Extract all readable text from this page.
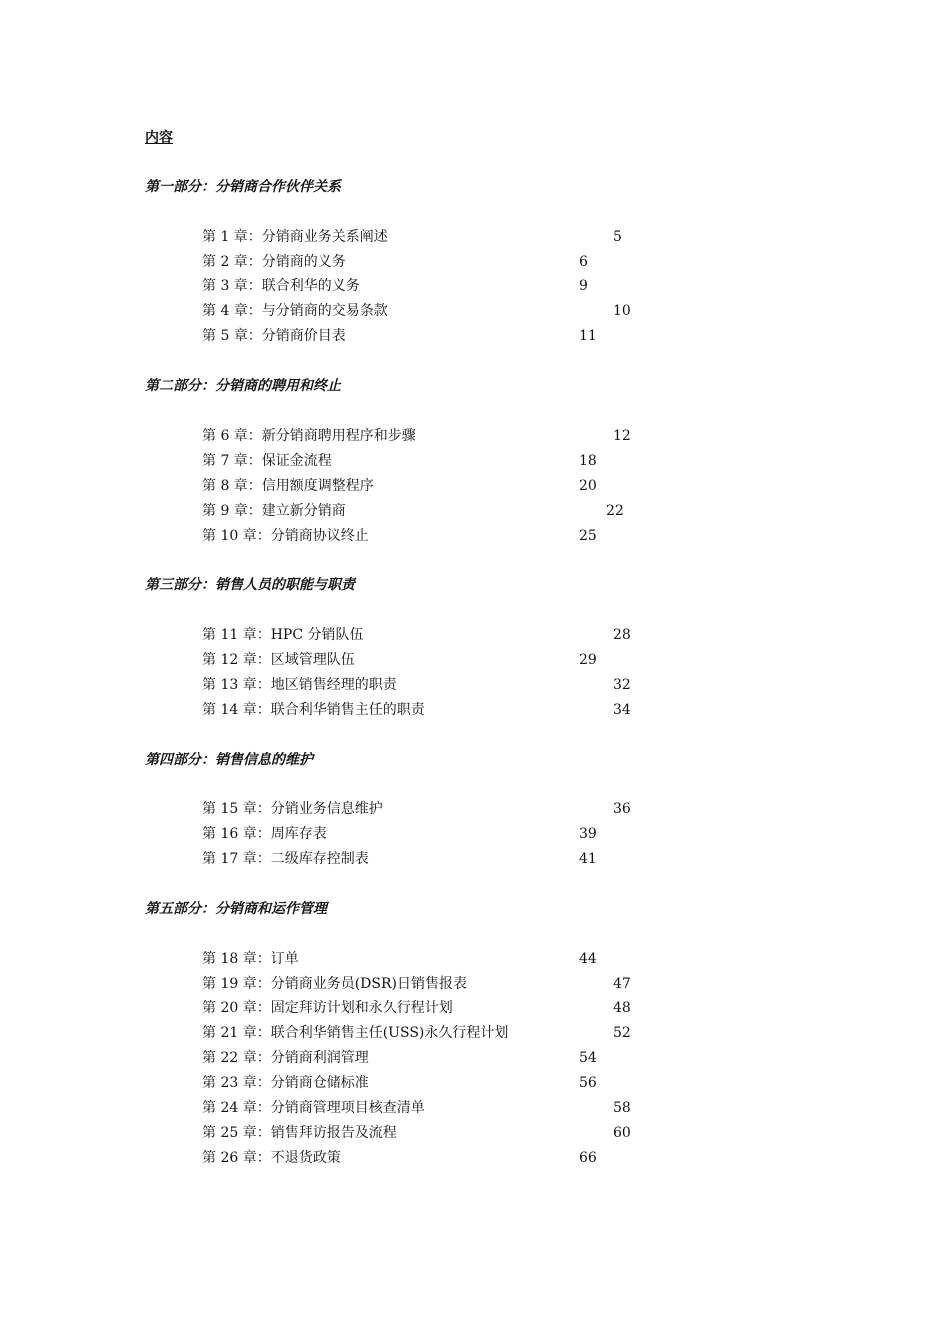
内容
第一部分：分销商合作伙伴关系
第 1 章：分销商业务关系阐述	5
第 2 章：分销商的义务	6
第 3 章：联合利华的义务	9
第 4 章：与分销商的交易条款	10
第 5 章：分销商价目表	11
第二部分：分销商的聘用和终止
第 6 章：新分销商聘用程序和步骤	12
第 7 章：保证金流程	18
第 8 章：信用额度调整程序	20
第 9 章：建立新分销商	22
第 10 章：分销商协议终止	25
第三部分：销售人员的职能与职责
第 11 章：HPC 分销队伍	28
第 12 章：区域管理队伍	29
第 13 章：地区销售经理的职责	32
第 14 章：联合利华销售主任的职责	34
第四部分：销售信息的维护
第 15 章：分销业务信息维护	36
第 16 章：周库存表	39
第 17 章：二级库存控制表	41
第五部分：分销商和运作管理
第 18 章：订单	44
第 19 章：分销商业务员(DSR)日销售报表	47
第 20 章：固定拜访计划和永久行程计划	48
第 21 章：联合利华销售主任(USS)永久行程计划	52
第 22 章：分销商利润管理	54
第 23 章：分销商仓储标准	56
第 24 章：分销商管理项目核查清单	58
第 25 章：销售拜访报告及流程	60
第 26 章：不退货政策	66
